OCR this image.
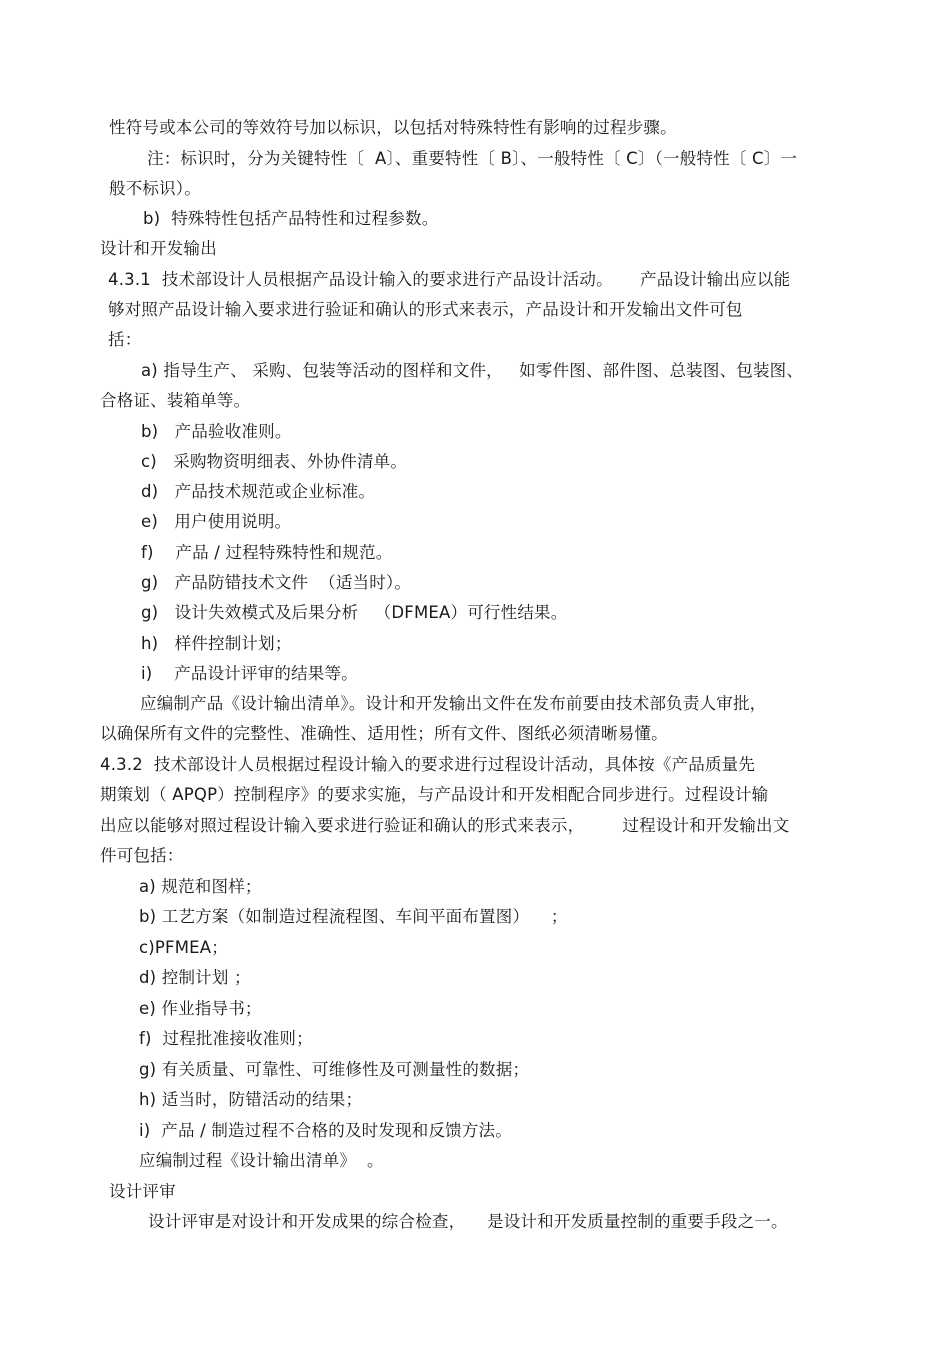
性符号或本公司的等效符号加以标识，以包括对特殊特性有影响的过程步骤。
注：标识时，分为关键特性〔  A〕、重要特性〔 B〕、一般特性〔 C〕（一般特性〔 C〕一
般不标识）。
b)  特殊特性包括产品特性和过程参数。
设计和开发输出
4.3.1  技术部设计人员根据产品设计输入的要求进行产品设计活动。     产品设计输出应以能
够对照产品设计输入要求进行验证和确认的形式来表示，产品设计和开发输出文件可包
括：
a) 指导生产、 采购、包装等活动的图样和文件，   如零件图、部件图、总装图、包装图、
合格证、装箱单等。
b)   产品验收准则。
c)   采购物资明细表、外协件清单。
d)   产品技术规范或企业标准。
e)   用户使用说明。
f)    产品 / 过程特殊特性和规范。
g)   产品防错技术文件  （适当时）。
g)   设计失效模式及后果分析   （DFMEA）可行性结果。
h)   样件控制计划；
i)    产品设计评审的结果等。
应编制产品《设计输出清单》。设计和开发输出文件在发布前要由技术部负责人审批，
以确保所有文件的完整性、准确性、适用性；所有文件、图纸必须清晰易懂。
4.3.2  技术部设计人员根据过程设计输入的要求进行过程设计活动，具体按《产品质量先
期策划（ APQP）控制程序》的要求实施，与产品设计和开发相配合同步进行。过程设计输
出应以能够对照过程设计输入要求进行验证和确认的形式来表示，       过程设计和开发输出文
件可包括：
a) 规范和图样；
b) 工艺方案（如制造过程流程图、车间平面布置图）    ；
c)PFMEA；
d) 控制计划 ；
e) 作业指导书；
f)  过程批准接收准则；
g) 有关质量、可靠性、可维修性及可测量性的数据；
h) 适当时，防错活动的结果；
i)  产品 / 制造过程不合格的及时发现和反馈方法。
应编制过程《设计输出清单》  。
设计评审
设计评审是对设计和开发成果的综合检查，    是设计和开发质量控制的重要手段之一。
